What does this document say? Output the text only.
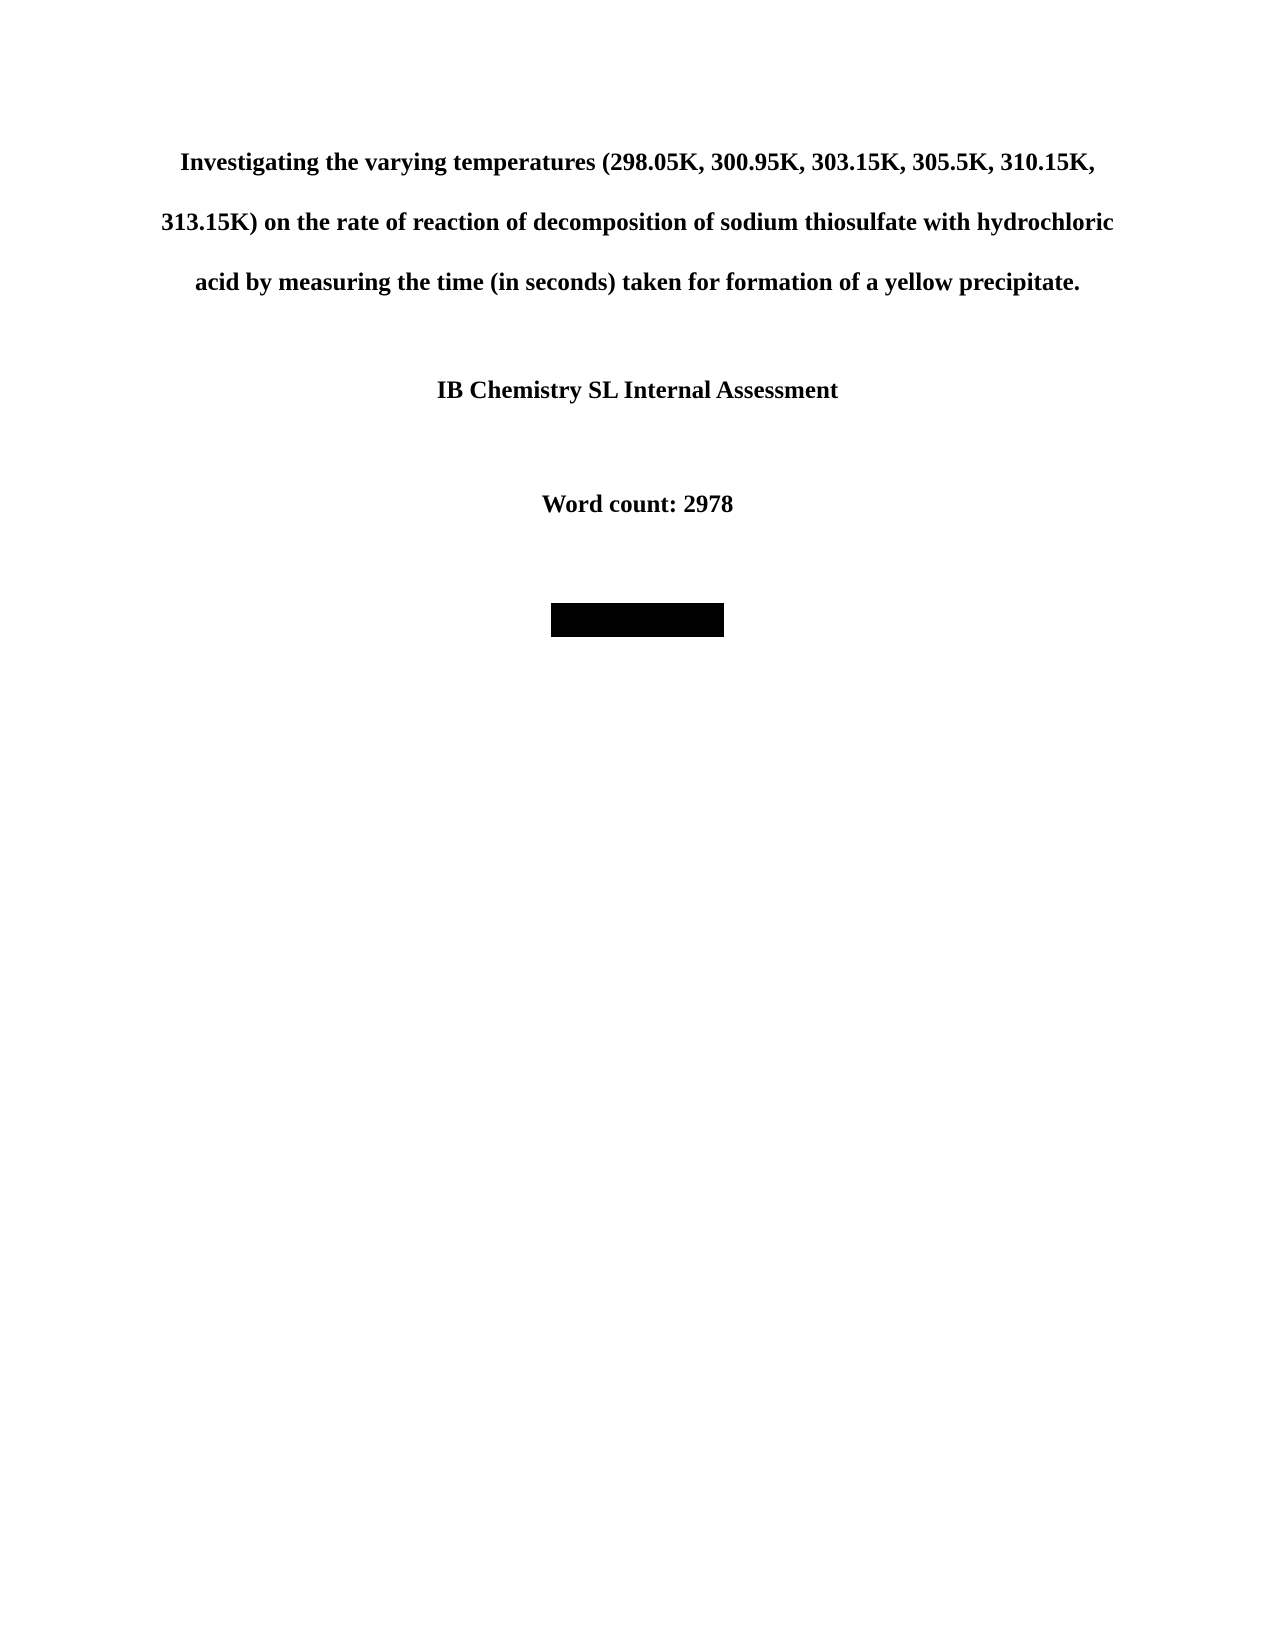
Investigating the varying temperatures (298.05K, 300.95K, 303.15K, 305.5K, 310.15K,
313.15K) on the rate of reaction of decomposition of sodium thiosulfate with hydrochloric
acid by measuring the time (in seconds) taken for formation of a yellow precipitate.
IB Chemistry SL Internal Assessment
Word count: 2978
